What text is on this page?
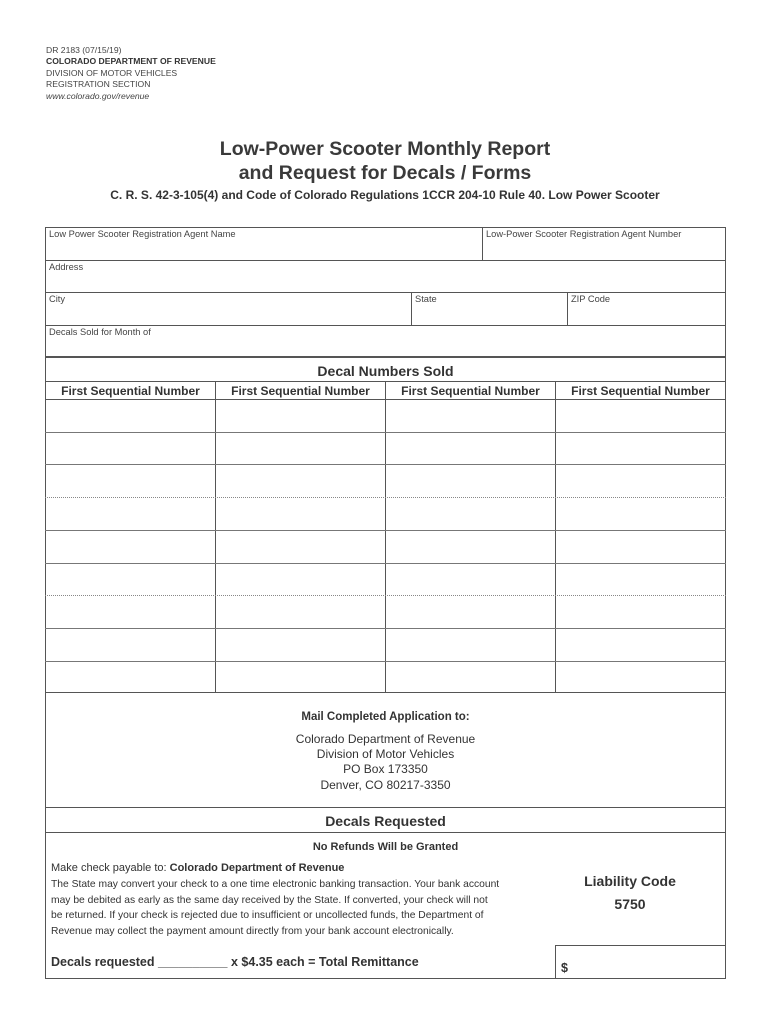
DR 2183 (07/15/19)
COLORADO DEPARTMENT OF REVENUE
DIVISION OF MOTOR VEHICLES
REGISTRATION SECTION
www.colorado.gov/revenue
Low-Power Scooter Monthly Report
and Request for Decals / Forms
C. R. S. 42-3-105(4) and Code of Colorado Regulations 1CCR 204-10 Rule 40. Low Power Scooter
Low Power Scooter Registration Agent Name	Low-Power Scooter Registration Agent Number
Address
City	State	ZIP Code
Decals Sold for Month of
Decal Numbers Sold
First Sequential Number	First Sequential Number	First Sequential Number	First Sequential Number
Mail Completed Application to:
Colorado Department of Revenue
Division of Motor Vehicles
PO Box 173350
Denver, CO 80217-3350
Decals Requested
No Refunds Will be Granted
Make check payable to: Colorado Department of Revenue
The State may convert your check to a one time electronic banking transaction. Your bank account
may be debited as early as the same day received by the State. If converted, your check will not
be returned. If your check is rejected due to insufficient or uncollected funds, the Department of
Revenue may collect the payment amount directly from your bank account electronically.
Liability Code
5750
Decals requested __________ x $4.35 each = Total Remittance	$
